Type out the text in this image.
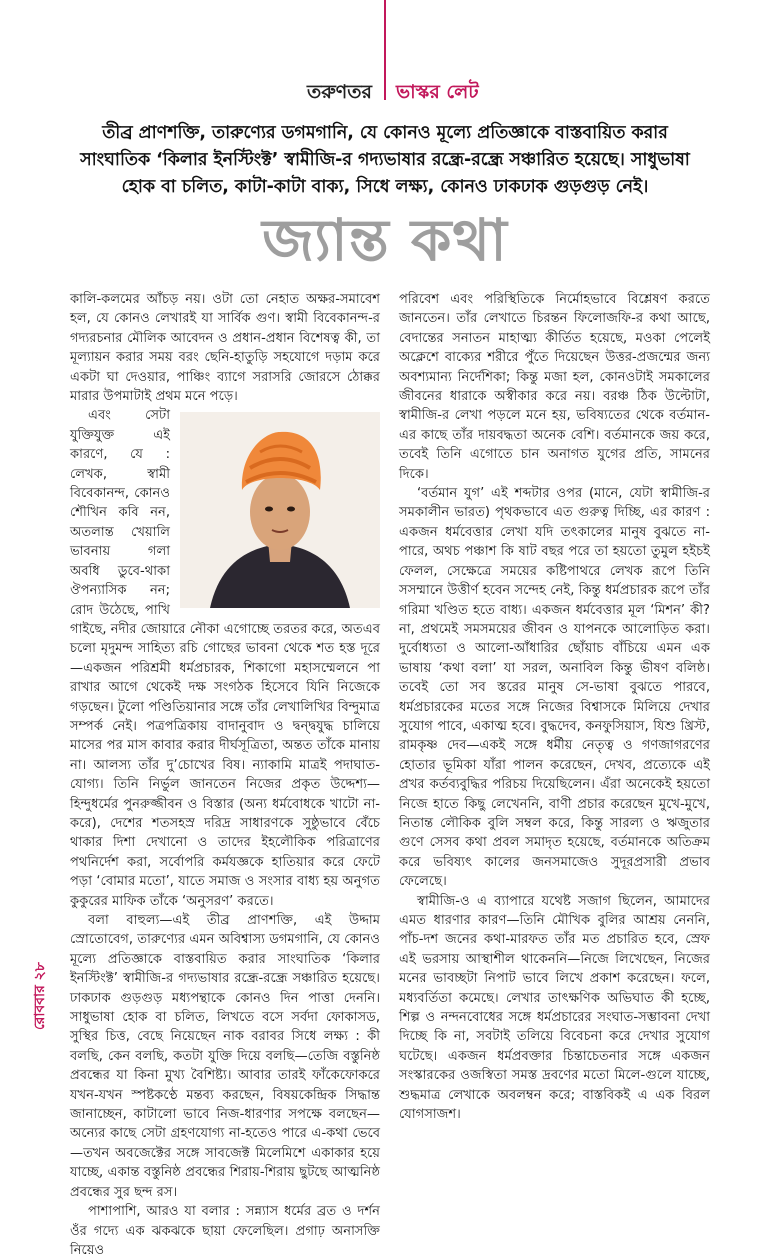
তরুণতর ভাস্কর লেট
তীব্র প্রাণশক্তি, তারুণ্যের ডগমগানি, যে কোনও মূল্যে প্রতিজ্ঞাকে বাস্তবায়িত করার সাংঘাতিক ‘কিলার ইনস্টিংক্ট’ স্বামীজি-র গদ্যভাষার রন্ধ্রে-রন্ধ্রে সঞ্চারিত হয়েছে। সাধুভাষা হোক বা চলিত, কাটা-কাটা বাক্য, সিধে লক্ষ্য, কোনও ঢাকঢাক গুড়গুড় নেই।
জ্যান্ত কথা

কালি-কলমের আঁচড় নয়। ওটা তো নেহাত অক্ষর-সমাবেশ হল, যে কোনও লেখারই যা সার্বিক গুণ। স্বামী বিবেকানন্দ-র গদ্যরচনার মৌলিক আবেদন ও প্রধান-প্রধান বিশেষত্ব কী, তা মূল্যায়ন করার সময় বরং ছেনি-হাতুড়ি সহযোগে দড়াম করে একটা ঘা দেওয়ার, পাঞ্চিং ব্যাগে সরাসরি জোরসে ঠোক্কর মারার উপমাটাই প্রথম মনে পড়ে।

এবং সেটা যুক্তিযুক্ত এই কারণে, যে : লেখক, স্বামী বিবেকানন্দ, কোনও শৌখিন কবি নন, অতলান্ত খেয়ালি ভাবনায় গলা অবধি ডুবে-থাকা ঔপন্যাসিক নন; রোদ উঠেছে, পাখি গাইছে, নদীর জোয়ারে নৌকা এগোচ্ছে তরতর করে, অতএব চলো মৃদুমন্দ সাহিত্য রচি গোছের ভাবনা থেকে শত হস্ত দূরে—একজন পরিশ্রমী ধর্মপ্রচারক, শিকাগো মহাসম্মেলনে পা রাখার আগে থেকেই দক্ষ সংগঠক হিসেবে যিনি নিজেকে গড়ছেন। টুলো পণ্ডিতিয়ানার সঙ্গে তাঁর লেখালিখির বিন্দুমাত্র সম্পর্ক নেই। পত্রপত্রিকায় বাদানুবাদ ও দ্বন্দ্বযুদ্ধ চালিয়ে মাসের পর মাস কাবার করার দীর্ঘসূত্রিতা, অন্তত তাঁকে মানায় না। আলস্য তাঁর দু’চোখের বিষ। ন্যাকামি মাত্রই পদাঘাত-যোগ্য। তিনি নির্ভুল জানতেন নিজের প্রকৃত উদ্দেশ্য—হিন্দুধর্মের পুনরুজ্জীবন ও বিস্তার (অন্য ধর্মবোধকে খাটো না-করে), দেশের শতসহস্র দরিদ্র সাধারণকে সুষ্ঠুভাবে বেঁচে থাকার দিশা দেখানো ও তাদের ইহলৌকিক পরিত্রাণের পথনির্দেশ করা, সর্বোপরি কর্মযজ্ঞকে হাতিয়ার করে ফেটে পড়া ‘বোমার মতো’, যাতে সমাজ ও সংসার বাধ্য হয় অনুগত কুকুরের মাফিক তাঁকে ‘অনুসরণ’ করতে।

বলা বাহুল্য—এই তীব্র প্রাণশক্তি, এই উদ্দাম স্রোতোবেগ, তারুণ্যের এমন অবিশ্বাস্য ডগমগানি, যে কোনও মূল্যে প্রতিজ্ঞাকে বাস্তবায়িত করার সাংঘাতিক ‘কিলার ইনস্টিংক্ট’ স্বামীজি-র গদ্যভাষার রন্ধ্রে-রন্ধ্রে সঞ্চারিত হয়েছে। ঢাকঢাক গুড়গুড় মধ্যপন্থাকে কোনও দিন পাত্তা দেননি। সাধুভাষা হোক বা চলিত, লিখতে বসে সর্বদা ফোকাসড, সুস্থির চিত্ত, বেছে নিয়েছেন নাক বরাবর সিধে লক্ষ্য : কী বলছি, কেন বলছি, কতটা যুক্তি দিয়ে বলছি—তেজি বস্তুনিষ্ঠ প্রবন্ধের যা কিনা মুখ্য বৈশিষ্ট্য। আবার তারই ফাঁকেফোকরে যখন-যখন স্পষ্টকণ্ঠে মন্তব্য করছেন, বিষয়কেন্দ্রিক সিদ্ধান্ত জানাচ্ছেন, কাটালো ভাবে নিজ-ধারণার সপক্ষে বলছেন—অন্যের কাছে সেটা গ্রহণযোগ্য না-হতেও পারে এ-কথা ভেবে—তখন অবজেক্টের সঙ্গে সাবজেক্ট মিলেমিশে একাকার হয়ে যাচ্ছে, একান্ত বস্তুনিষ্ঠ প্রবন্ধের শিরায়-শিরায় ছুটছে আত্মনিষ্ঠ প্রবন্ধের সুর ছন্দ রস।

পাশাপাশি, আরও যা বলার : সন্ন্যাস ধর্মের ব্রত ও দর্শন ওঁর গদ্যে এক ঝকঝকে ছায়া ফেলেছিল। প্রগাঢ় অনাসক্তি নিয়েও

পরিবেশ এবং পরিস্থিতিকে নির্মোহভাবে বিশ্লেষণ করতে জানতেন। তাঁর লেখাতে চিরন্তন ফিলোজফি-র কথা আছে, বেদান্তের সনাতন মাহাত্ম্য কীর্তিত হয়েছে, মওকা পেলেই অক্লেশে বাক্যের শরীরে পুঁতে দিয়েছেন উত্তর-প্রজন্মের জন্য অবশ্যমান্য নির্দেশিকা; কিন্তু মজা হল, কোনওটাই সমকালের জীবনের ধারাকে অস্বীকার করে নয়। বরঞ্চ ঠিক উল্টোটা, স্বামীজি-র লেখা পড়লে মনে হয়, ভবিষ্যতের থেকে বর্তমান-এর কাছে তাঁর দায়বদ্ধতা অনেক বেশি। বর্তমানকে জয় করে, তবেই তিনি এগোতে চান অনাগত যুগের প্রতি, সামনের দিকে।

‘বর্তমান যুগ’ এই শব্দটার ওপর (মানে, যেটা স্বামীজি-র সমকালীন ভারত) পৃথকভাবে এত গুরুত্ব দিচ্ছি, এর কারণ : একজন ধর্মবেত্তার লেখা যদি তৎকালের মানুষ বুঝতে না-পারে, অথচ পঞ্চাশ কি ষাট বছর পরে তা হয়তো তুমুল হইচই ফেলল, সেক্ষেত্রে সময়ের কষ্টিপাথরে লেখক রূপে তিনি সসম্মানে উত্তীর্ণ হবেন সন্দেহ নেই, কিন্তু ধর্মপ্রচারক রূপে তাঁর গরিমা খণ্ডিত হতে বাধ্য। একজন ধর্মবেত্তার মূল ‘মিশন’ কী? না, প্রথমেই সমসময়ের জীবন ও যাপনকে আলোড়িত করা। দুর্বোধ্যতা ও আলো-আঁধারির ছোঁয়াচ বাঁচিয়ে এমন এক ভাষায় ‘কথা বলা’ যা সরল, অনাবিল কিন্তু ভীষণ বলিষ্ঠ। তবেই তো সব স্তরের মানুষ সে-ভাষা বুঝতে পারবে, ধর্মপ্রচারকের মতের সঙ্গে নিজের বিশ্বাসকে মিলিয়ে দেখার সুযোগ পাবে, একাত্ম হবে। বুদ্ধদেব, কনফুসিয়াস, যিশু খ্রিস্ট, রামকৃষ্ণ দেব—একই সঙ্গে ধর্মীয় নেতৃত্ব ও গণজাগরণের হোতার ভূমিকা যাঁরা পালন করেছেন, দেখব, প্রত্যেকে এই প্রখর কর্তব্যবুদ্ধির পরিচয় দিয়েছিলেন। এঁরা অনেকেই হয়তো নিজে হাতে কিছু লেখেননি, বাণী প্রচার করেছেন মুখে-মুখে, নিতান্ত লৌকিক বুলি সম্বল করে, কিন্তু সারল্য ও ঋজুতার গুণে সেসব কথা প্রবল সমাদৃত হয়েছে, বর্তমানকে অতিক্রম করে ভবিষ্যৎ কালের জনসমাজেও সুদূরপ্রসারী প্রভাব ফেলেছে।

স্বামীজি-ও এ ব্যাপারে যথেষ্ট সজাগ ছিলেন, আমাদের এমত ধারণার কারণ—তিনি মৌখিক বুলির আশ্রয় নেননি, পাঁচ-দশ জনের কথা-মারফত তাঁর মত প্রচারিত হবে, স্রেফ এই ভরসায় আস্থাশীল থাকেননি—নিজে লিখেছেন, নিজের মনের ভাবচ্ছটা নিপাট ভাবে লিখে প্রকাশ করেছেন। ফলে, মধ্যবর্তিতা কমেছে। লেখার তাৎক্ষণিক অভিঘাত কী হচ্ছে, শিল্প ও নন্দনবোধের সঙ্গে ধর্মপ্রচারের সংঘাত-সম্ভাবনা দেখা দিচ্ছে কি না, সবটাই তলিয়ে বিবেচনা করে দেখার সুযোগ ঘটেছে। একজন ধর্মপ্রবক্তার চিন্তাচেতনার সঙ্গে একজন সংস্কারকের ওজস্বিতা সমস্ত দ্রবণের মতো মিলে-গুলে যাচ্ছে, শুদ্ধমাত্র লেখাকে অবলম্বন করে; বাস্তবিকই এ এক বিরল যোগসাজশ।

রোববার ২৮
